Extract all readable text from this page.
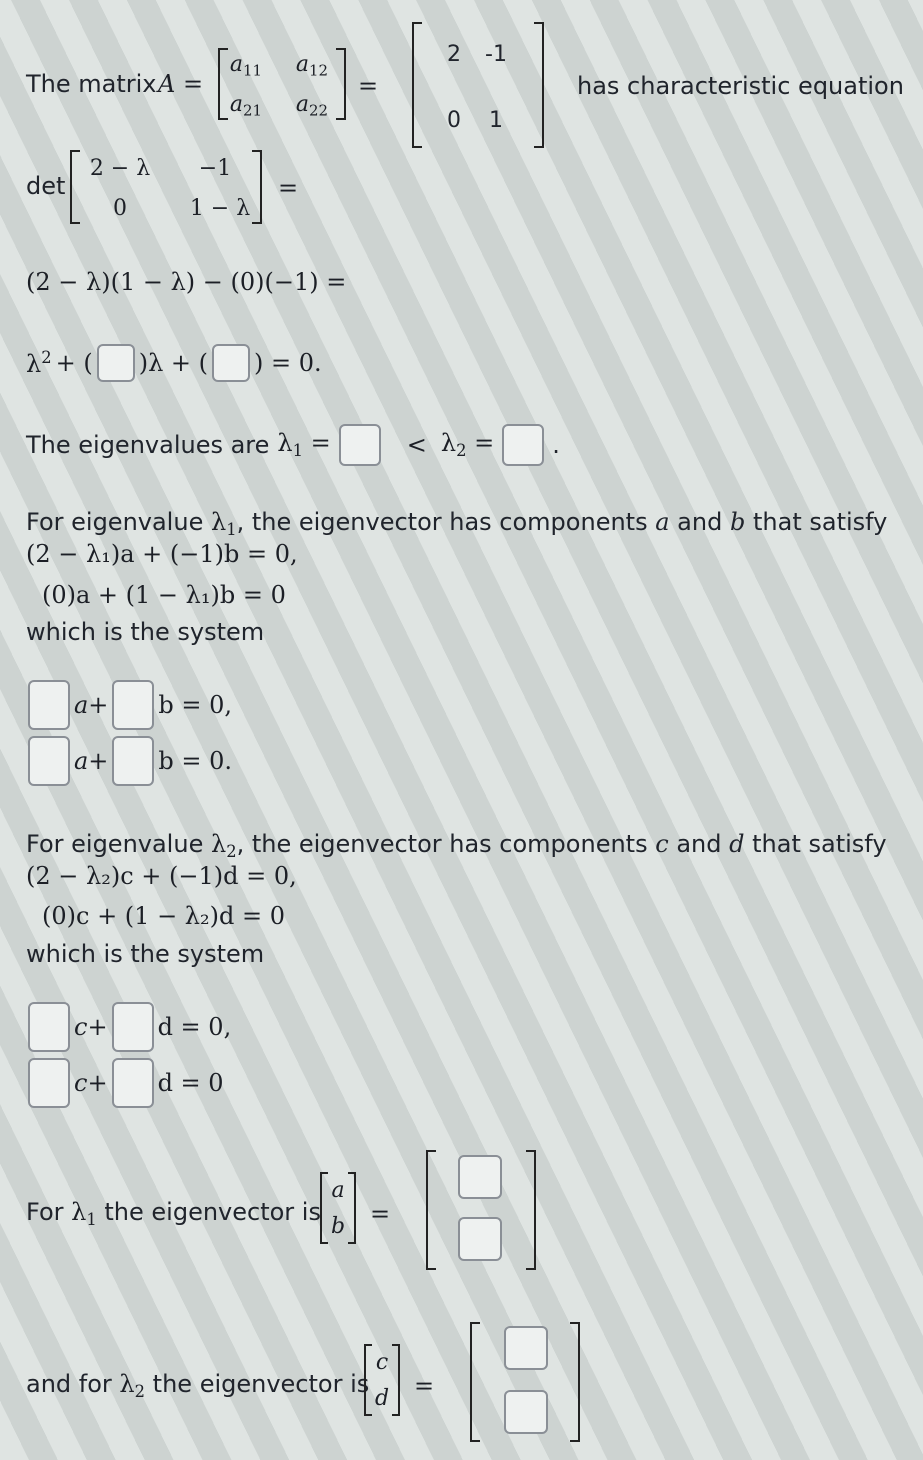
The matrix A =
$a_{11}$	$a_{12}$
$a_{21}$	$a_{22}$
=
2	-1
0	1
has characteristic equation
det
2 − λ	−1
0	1 − λ
=
(2 − λ)(1 − λ) − (0)(−1) =
$\lambda^2$ + ( )λ + ( ) = 0.
The eigenvalues are $\lambda_1$ =	< $\lambda_2$ = .
For eigenvalue $\lambda_1$, the eigenvector has components a and b that satisfy
(2 − λ₁)a + (−1)b = 0,
(0)a + (1 − λ₁)b = 0
which is the system
a+ b = 0,
a+ b = 0.
For eigenvalue $\lambda_2$, the eigenvector has components c and d that satisfy
(2 − λ₂)c + (−1)d = 0,
(0)c + (1 − λ₂)d = 0
which is the system
c+ d = 0,
c+ d = 0
For $\lambda_1$ the eigenvector is
a
b =
and for $\lambda_2$ the eigenvector is
c
d =
